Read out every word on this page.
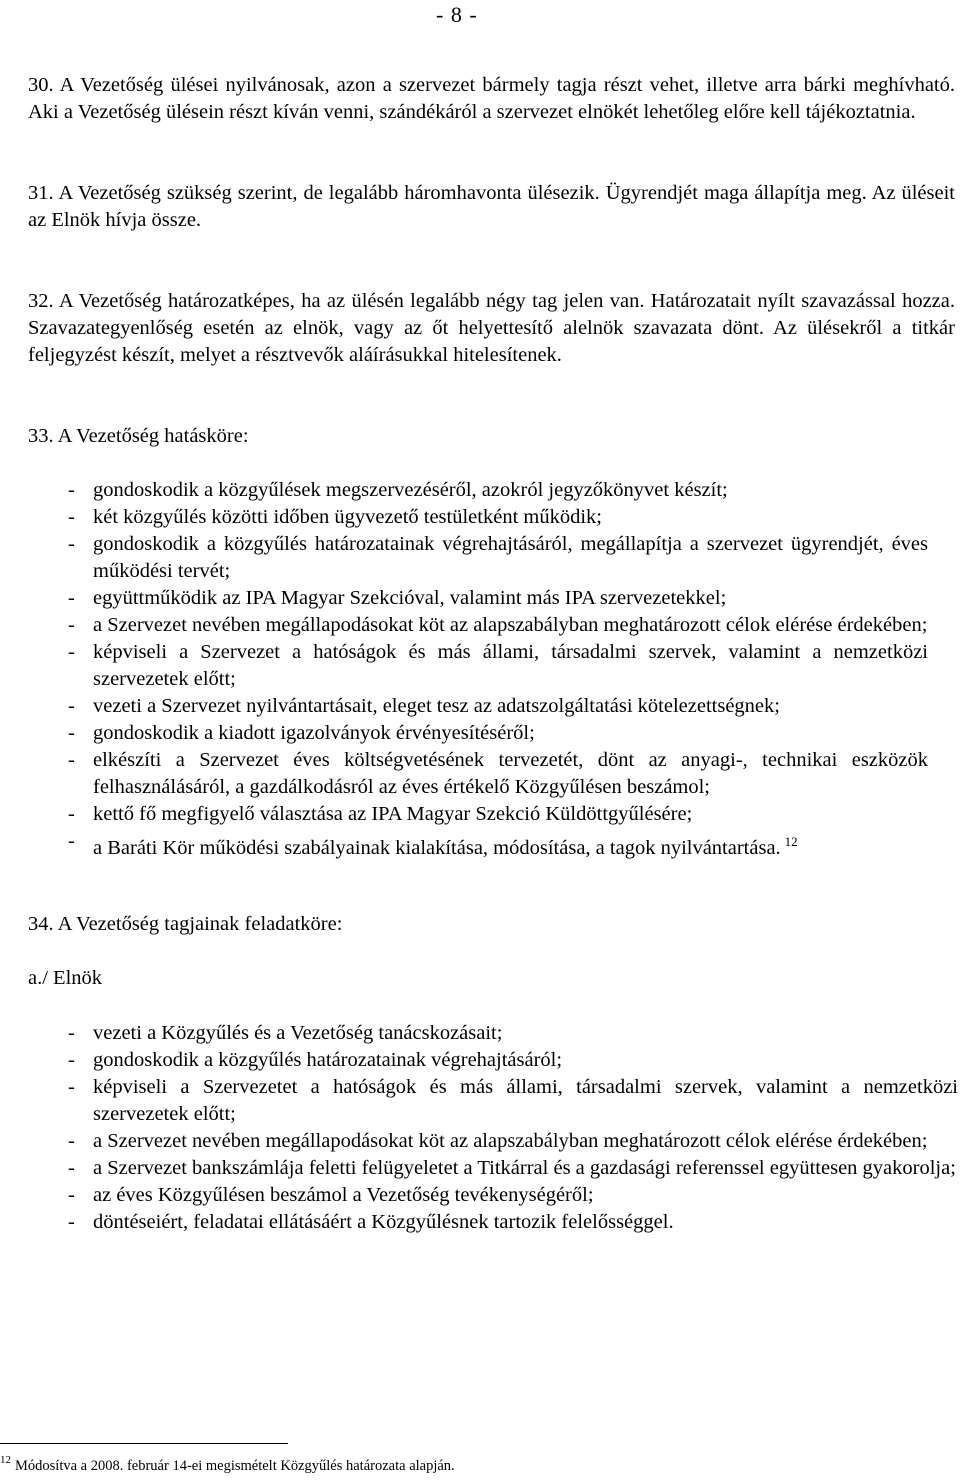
- 8 -

30. A Vezetőség ülései nyilvánosak, azon a szervezet bármely tagja részt vehet, illetve arra bárki meghívható. Aki a Vezetőség ülésein részt kíván venni, szándékáról a szervezet elnökét lehetőleg előre kell tájékoztatnia.

31. A Vezetőség szükség szerint, de legalább háromhavonta ülésezik. Ügyrendjét maga állapítja meg. Az üléseit az Elnök hívja össze.

32. A Vezetőség határozatképes, ha az ülésén legalább négy tag jelen van. Határozatait nyílt szavazással hozza. Szavazategyenlőség esetén az elnök, vagy az őt helyettesítő alelnök szavazata dönt. Az ülésekről a titkár feljegyzést készít, melyet a résztvevők aláírásukkal hitelesítenek.

33. A Vezetőség hatásköre:
- gondoskodik a közgyűlések megszervezéséről, azokról jegyzőkönyvet készít;
- két közgyűlés közötti időben ügyvezető testületként működik;
- gondoskodik a közgyűlés határozatainak végrehajtásáról, megállapítja a szervezet ügyrendjét, éves működési tervét;
- együttműködik az IPA Magyar Szekcióval, valamint más IPA szervezetekkel;
- a Szervezet nevében megállapodásokat köt az alapszabályban meghatározott célok elérése érdekében;
- képviseli a Szervezet a hatóságok és más állami, társadalmi szervek, valamint a nemzetközi szervezetek előtt;
- vezeti a Szervezet nyilvántartásait, eleget tesz az adatszolgáltatási kötelezettségnek;
- gondoskodik a kiadott igazolványok érvényesítéséről;
- elkészíti a Szervezet éves költségvetésének tervezetét, dönt az anyagi-, technikai eszközök felhasználásáról, a gazdálkodásról az éves értékelő Közgyűlésen beszámol;
- kettő fő megfigyelő választása az IPA Magyar Szekció Küldöttgyűlésére;
- a Baráti Kör működési szabályainak kialakítása, módosítása, a tagok nyilvántartása. $^{12}$
34. A Vezetőség tagjainak feladatköre:
a./ Elnök
- vezeti a Közgyűlés és a Vezetőség tanácskozásait;
- gondoskodik a közgyűlés határozatainak végrehajtásáról;
- képviseli a Szervezetet a hatóságok és más állami, társadalmi szervek, valamint a nemzetközi szervezetek előtt;
- a Szervezet nevében megállapodásokat köt az alapszabályban meghatározott célok elérése érdekében;
- a Szervezet bankszámlája feletti felügyeletet a Titkárral és a gazdasági referenssel együttesen gyakorolja;
- az éves Közgyűlésen beszámol a Vezetőség tevékenységéről;
- döntéseiért, feladatai ellátásáért a Közgyűlésnek tartozik felelősséggel.
$^{12}$ Módosítva a 2008. február 14-ei megismételt Közgyűlés határozata alapján.
